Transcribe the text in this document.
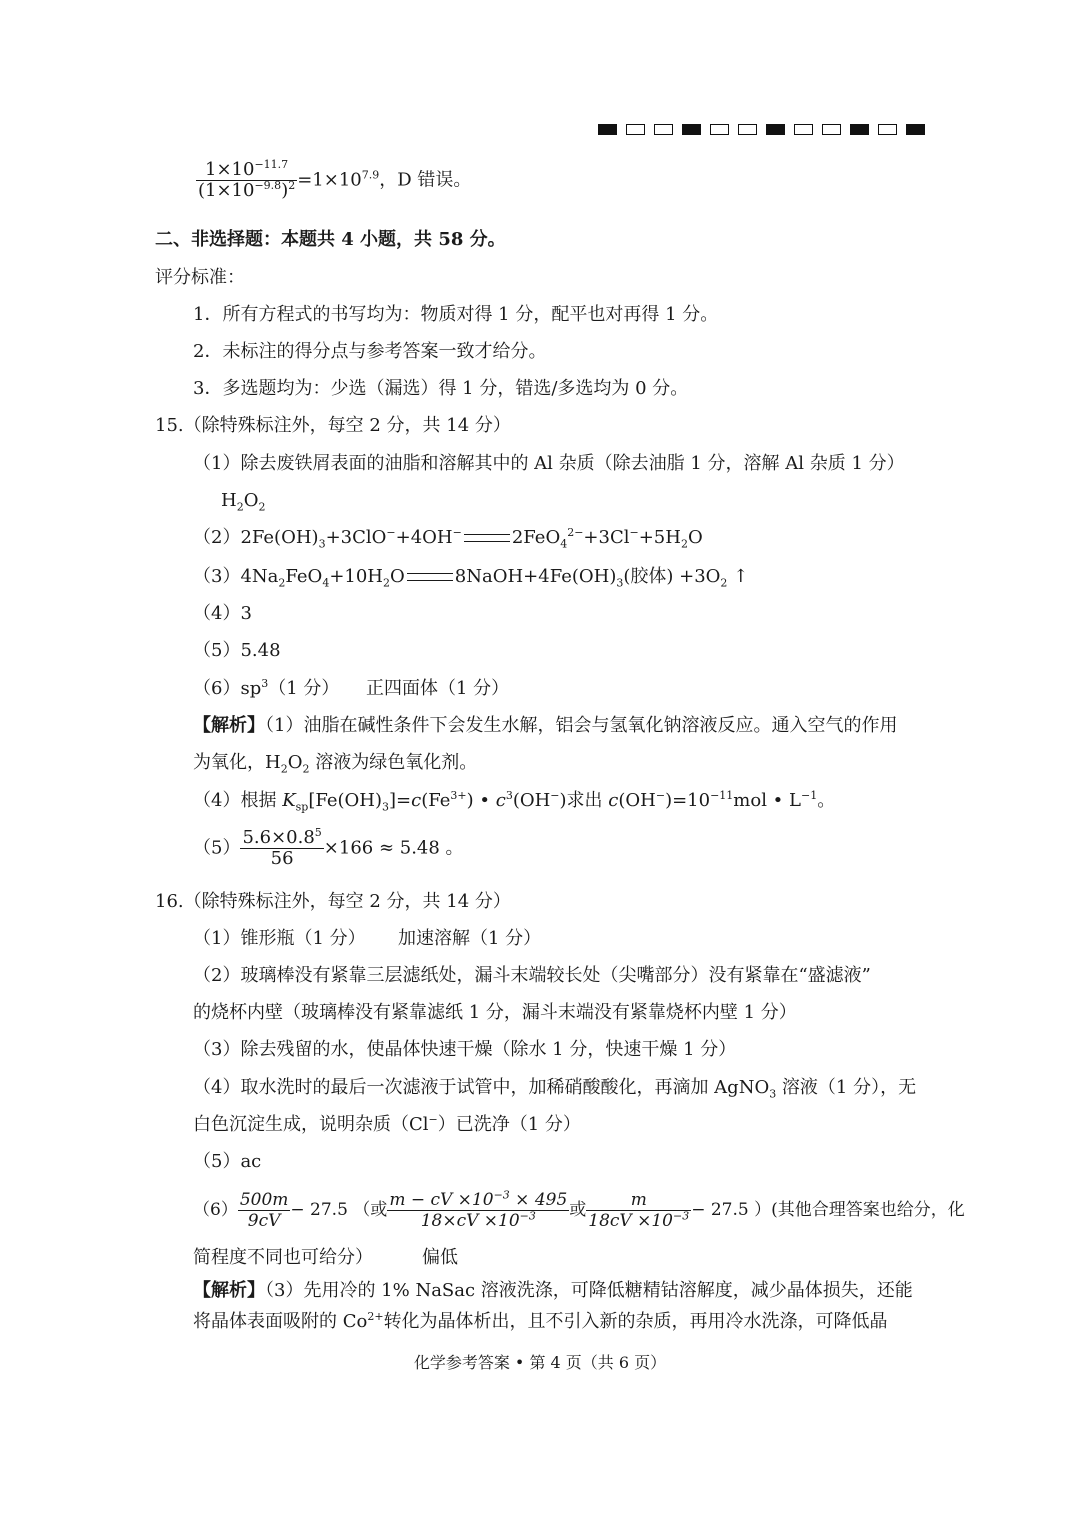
$\frac{1\times 10^{-11.7}}{(1\times 10^{-9.8})^2} =1\times 10^{7.9}$，D 错误。
二、非选择题：本题共 4 小题，共 58 分。
评分标准：
1．所有方程式的书写均为：物质对得 1 分，配平也对再得 1 分。
2．未标注的得分点与参考答案一致才给分。
3．多选题均为：少选（漏选）得 1 分，错选/多选均为 0 分。
15.（除特殊标注外，每空 2 分，共 14 分）
（1）除去废铁屑表面的油脂和溶解其中的 Al 杂质（除去油脂 1 分，溶解 Al 杂质 1 分）
$H_2O_2$
$(2)2Fe(OH)_3+3ClO^-+4OH^-$	$2FeO_4^{2-}+3Cl^-+5H_2O$
$(3)4Na_2FeO_4+10H_2O$	$8NaOH+4Fe(OH)_3$(胶体) $+3O_2$ ↑
（4）3
（5）5.48
$(6)sp^3(1$ 分） 正四面体（1 分）
【解析】（1）油脂在碱性条件下会发生水解，铝会与氢氧化钠溶液反应。通入空气的作用
为氧化，$H_2O_2$ 溶液为绿色氧化剂。
（4）根据 $K_{sp}[Fe(OH)_3]=c(Fe^{3+})$ • $c^3(OH^-)$求出 $c(OH^-)=10^{-11}mol$ • $L^{-1}$。
$(5) \frac{5.6\times 0.8^5}{56} \times 166 \approx 5.48$ 。
16.（除特殊标注外，每空 2 分，共 14 分）
（1）锥形瓶（1 分） 加速溶解（1 分）
（2）玻璃棒没有紧靠三层滤纸处，漏斗末端较长处（尖嘴部分）没有紧靠在“盛滤液”
的烧杯内壁（玻璃棒没有紧靠滤纸 1 分，漏斗末端没有紧靠烧杯内壁 1 分）
（3）除去残留的水，使晶体快速干燥（除水 1 分，快速干燥 1 分）
（4）取水洗时的最后一次滤液于试管中，加稀硝酸酸化，再滴加 AgNO$_3$ 溶液（1 分），无
白色沉淀生成，说明杂质（Cl−）已洗净（1 分）
（5）ac
$(6) \frac{500m}{9cV} - 27.5$ （或 $\frac{m - cV \times 10^{-3} \times 495}{18\times cV \times 10^{-3}}$ 或 $\frac{m}{18cV \times 10^{-3}} - 27.5$ ）(其他合理答案也给分，化
简程度不同也可给分）	偏低
【解析】（3）先用冷的 1% NaSac 溶液洗涤，可降低糖精钴溶解度，减少晶体损失，还能
将晶体表面吸附的 $Co^{2+}$转化为晶体析出，且不引入新的杂质，再用冷水洗涤，可降低晶
化学参考答案 • 第 4 页（共 6 页）
